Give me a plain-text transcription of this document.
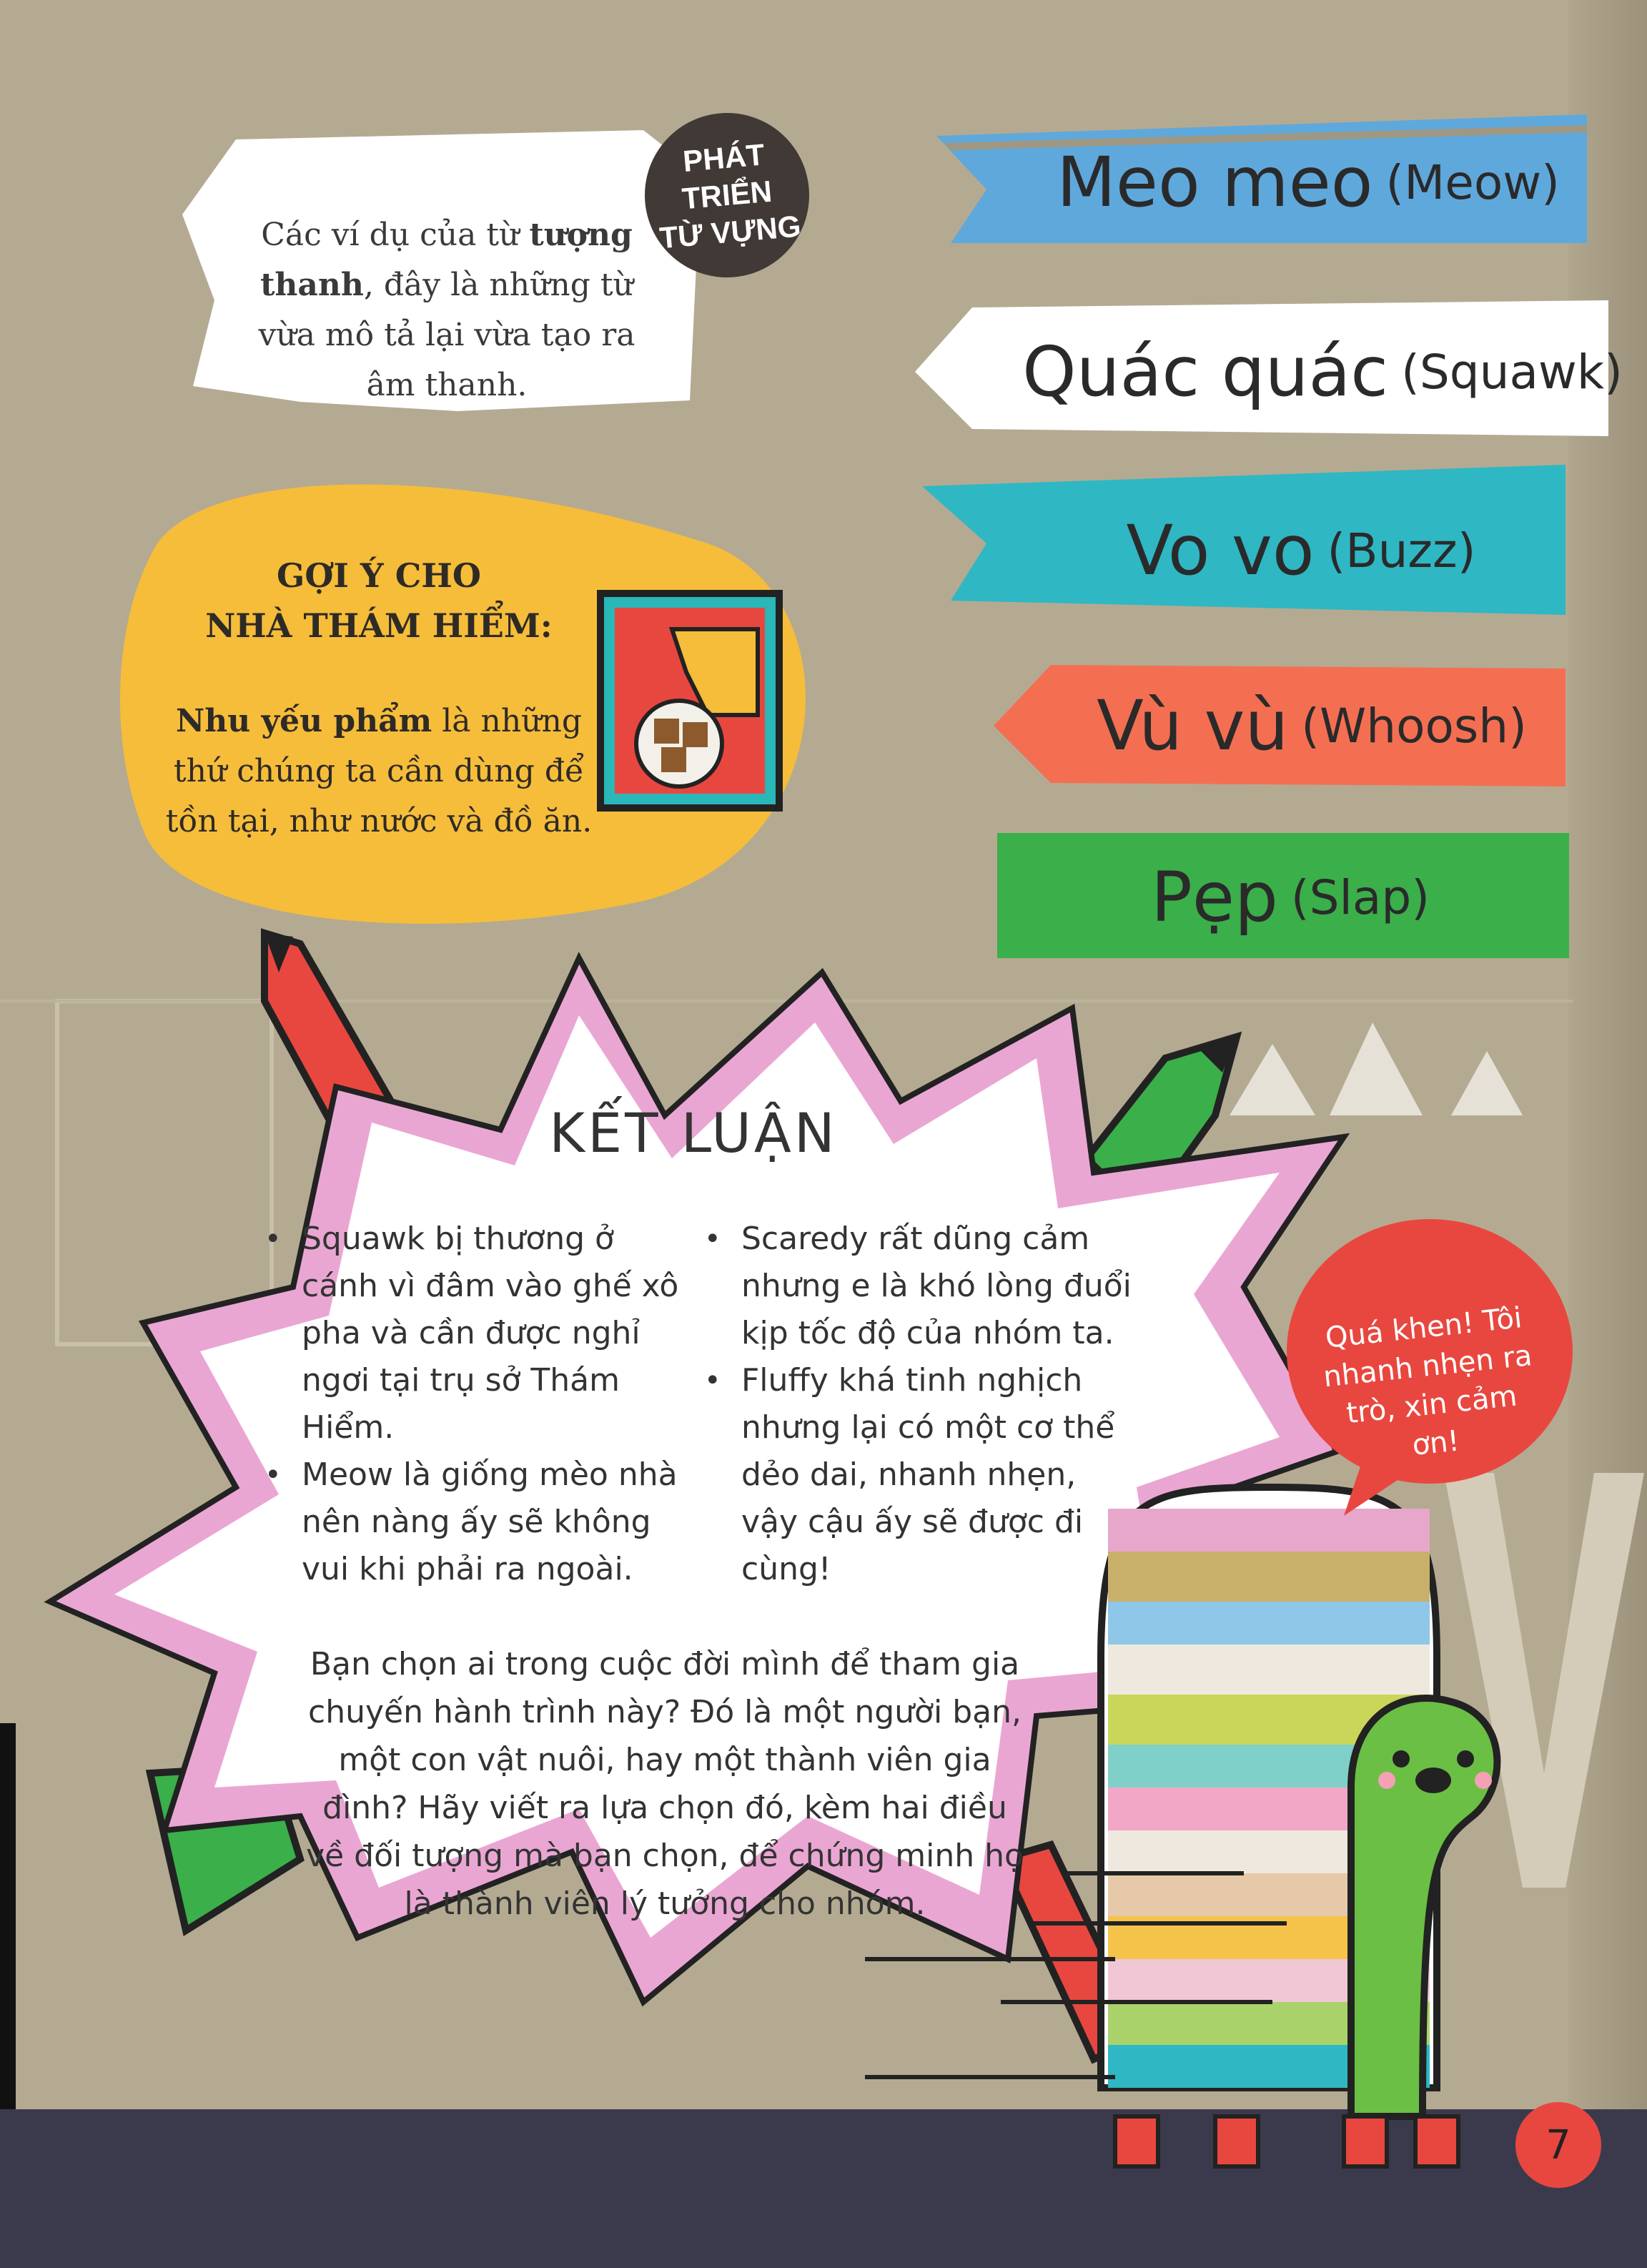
PHÁT TRIỂN
TỪ VỰNG

Các ví dụ của từ tượng thanh, đây là những từ vừa mô tả lại vừa tạo ra âm thanh.

GỢI Ý CHO
NHÀ THÁM HIỂM:

Nhu yếu phẩm là những thứ chúng ta cần dùng để tồn tại, như nước và đồ ăn.

Meo meo (Meow)
Quác quác (Squawk)
Vo vo (Buzz)
Vù vù (Whoosh)
Pẹp (Slap)
KẾT LUẬN
• Squawk bị thương ở cánh vì đâm vào ghế xô pha và cần được nghỉ ngơi tại trụ sở Thám Hiểm.
• Meow là giống mèo nhà nên nàng ấy sẽ không vui khi phải ra ngoài.
• Scaredy rất dũng cảm nhưng e là khó lòng đuổi kịp tốc độ của nhóm ta.
• Fluffy khá tinh nghịch nhưng lại có một cơ thể dẻo dai, nhanh nhẹn, vậy cậu ấy sẽ được đi cùng!

Bạn chọn ai trong cuộc đời mình để tham gia chuyến hành trình này? Đó là một người bạn, một con vật nuôi, hay một thành viên gia đình? Hãy viết ra lựa chọn đó, kèm hai điều về đối tượng mà bạn chọn, để chứng minh họ là thành viên lý tưởng cho nhóm.

Quá khen! Tôi nhanh nhẹn ra trò, xin cảm ơn!

7
